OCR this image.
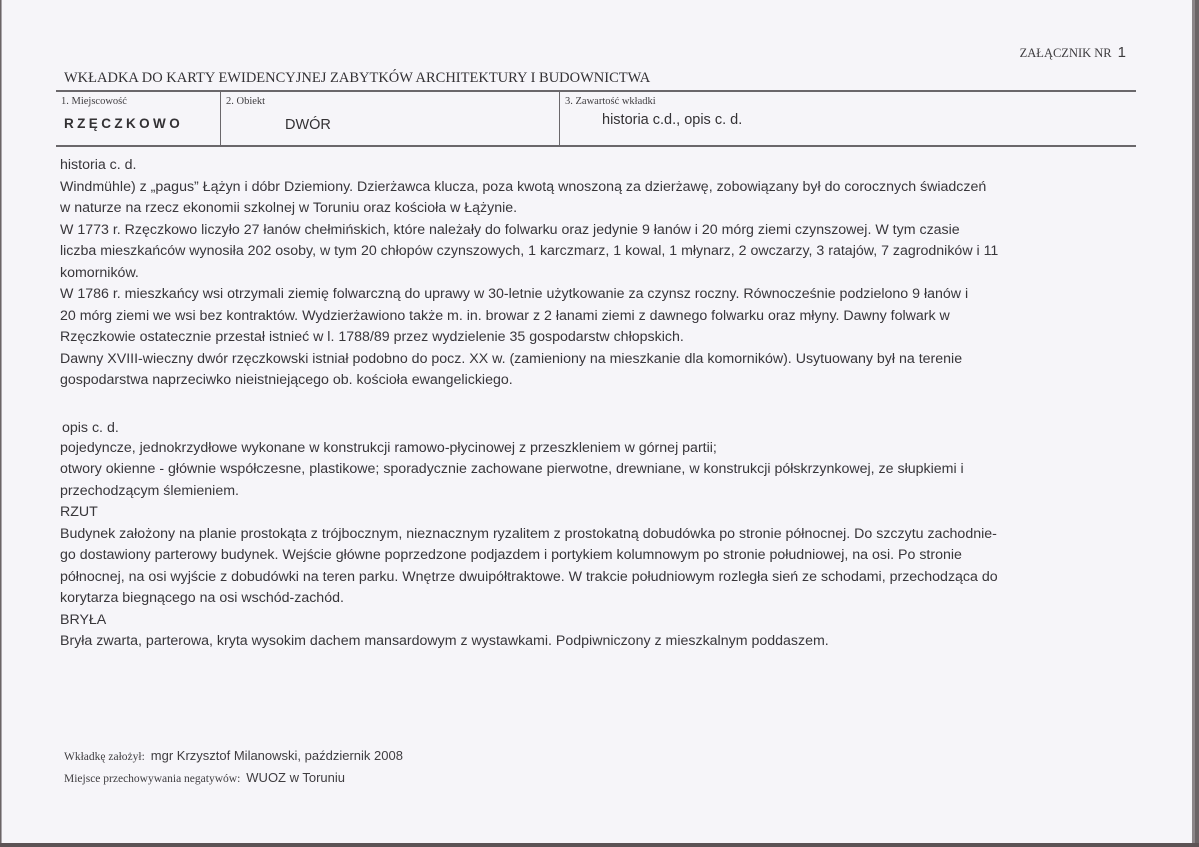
ZAŁĄCZNIK NR 1
WKŁADKA DO KARTY EWIDENCYJNEJ ZABYTKÓW ARCHITEKTURY I BUDOWNICTWA
1. Miejscowość
RZĘCZKOWO
2. Obiekt
DWÓR
3. Zawartość wkładki
historia c.d., opis c. d.
historia c. d.
Windmühle) z „pagus” Łążyn i dóbr Dziemiony. Dzierżawca klucza, poza kwotą wnoszoną za dzierżawę, zobowiązany był do corocznych świadczeń
w naturze na rzecz ekonomii szkolnej w Toruniu oraz kościoła w Łążynie.
W 1773 r. Rzęczkowo liczyło 27 łanów chełmińskich, które należały do folwarku oraz jedynie 9 łanów i 20 mórg ziemi czynszowej. W tym czasie
liczba mieszkańców wynosiła 202 osoby, w tym 20 chłopów czynszowych, 1 karczmarz, 1 kowal, 1 młynarz, 2 owczarzy, 3 ratajów, 7 zagrodników i 11
komorników.
W 1786 r. mieszkańcy wsi otrzymali ziemię folwarczną do uprawy w 30-letnie użytkowanie za czynsz roczny. Równocześnie podzielono 9 łanów i
20 mórg ziemi we wsi bez kontraktów. Wydzierżawiono także m. in. browar z 2 łanami ziemi z dawnego folwarku oraz młyny. Dawny folwark w
Rzęczkowie ostatecznie przestał istnieć w l. 1788/89 przez wydzielenie 35 gospodarstw chłopskich.
Dawny XVIII-wieczny dwór rzęczkowski istniał podobno do pocz. XX w. (zamieniony na mieszkanie dla komorników). Usytuowany był na terenie
gospodarstwa naprzeciwko nieistniejącego ob. kościoła ewangelickiego.
opis c. d.
pojedyncze, jednokrzydłowe wykonane w konstrukcji ramowo-płycinowej z przeszkleniem w górnej partii;
otwory okienne - głównie współczesne, plastikowe; sporadycznie zachowane pierwotne, drewniane, w konstrukcji półskrzynkowej, ze słupkiemi i
przechodzącym ślemieniem.
RZUT
Budynek założony na planie prostokąta z trójbocznym, nieznacznym ryzalitem z prostokatną dobudówka po stronie północnej. Do szczytu zachodnie-
go dostawiony parterowy budynek. Wejście główne poprzedzone podjazdem i portykiem kolumnowym po stronie południowej, na osi. Po stronie
północnej, na osi wyjście z dobudówki na teren parku. Wnętrze dwuipółtraktowe. W trakcie południowym rozległa sień ze schodami, przechodząca do
korytarza biegnącego na osi wschód-zachód.
BRYŁA
Bryła zwarta, parterowa, kryta wysokim dachem mansardowym z wystawkami. Podpiwniczony z mieszkalnym poddaszem.
Wkładkę założył: mgr Krzysztof Milanowski, październik 2008
Miejsce przechowywania negatywów: WUOZ w Toruniu
